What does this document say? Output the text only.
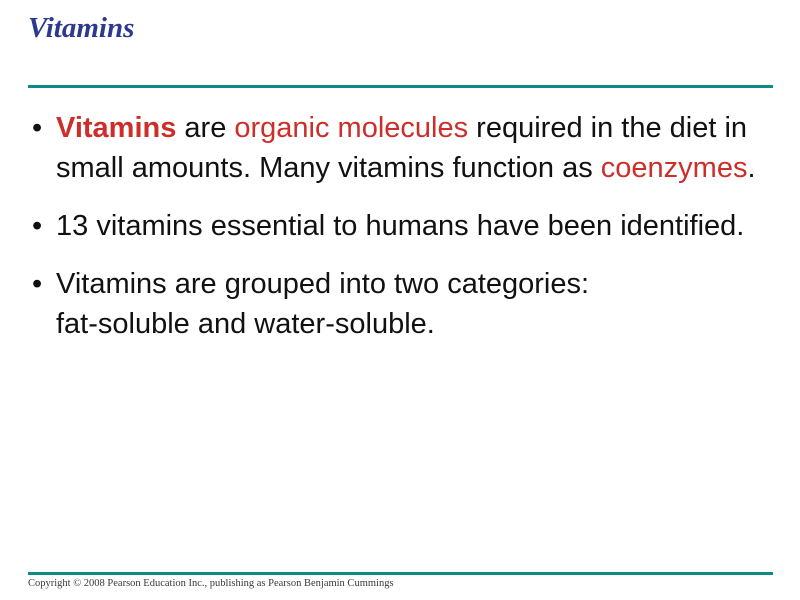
Vitamins
• Vitamins are organic molecules required in the diet in small amounts. Many vitamins function as coenzymes.
• 13 vitamins essential to humans have been identified.
• Vitamins are grouped into two categories:
fat-soluble and water-soluble.

Copyright © 2008 Pearson Education Inc., publishing as Pearson Benjamin Cummings
